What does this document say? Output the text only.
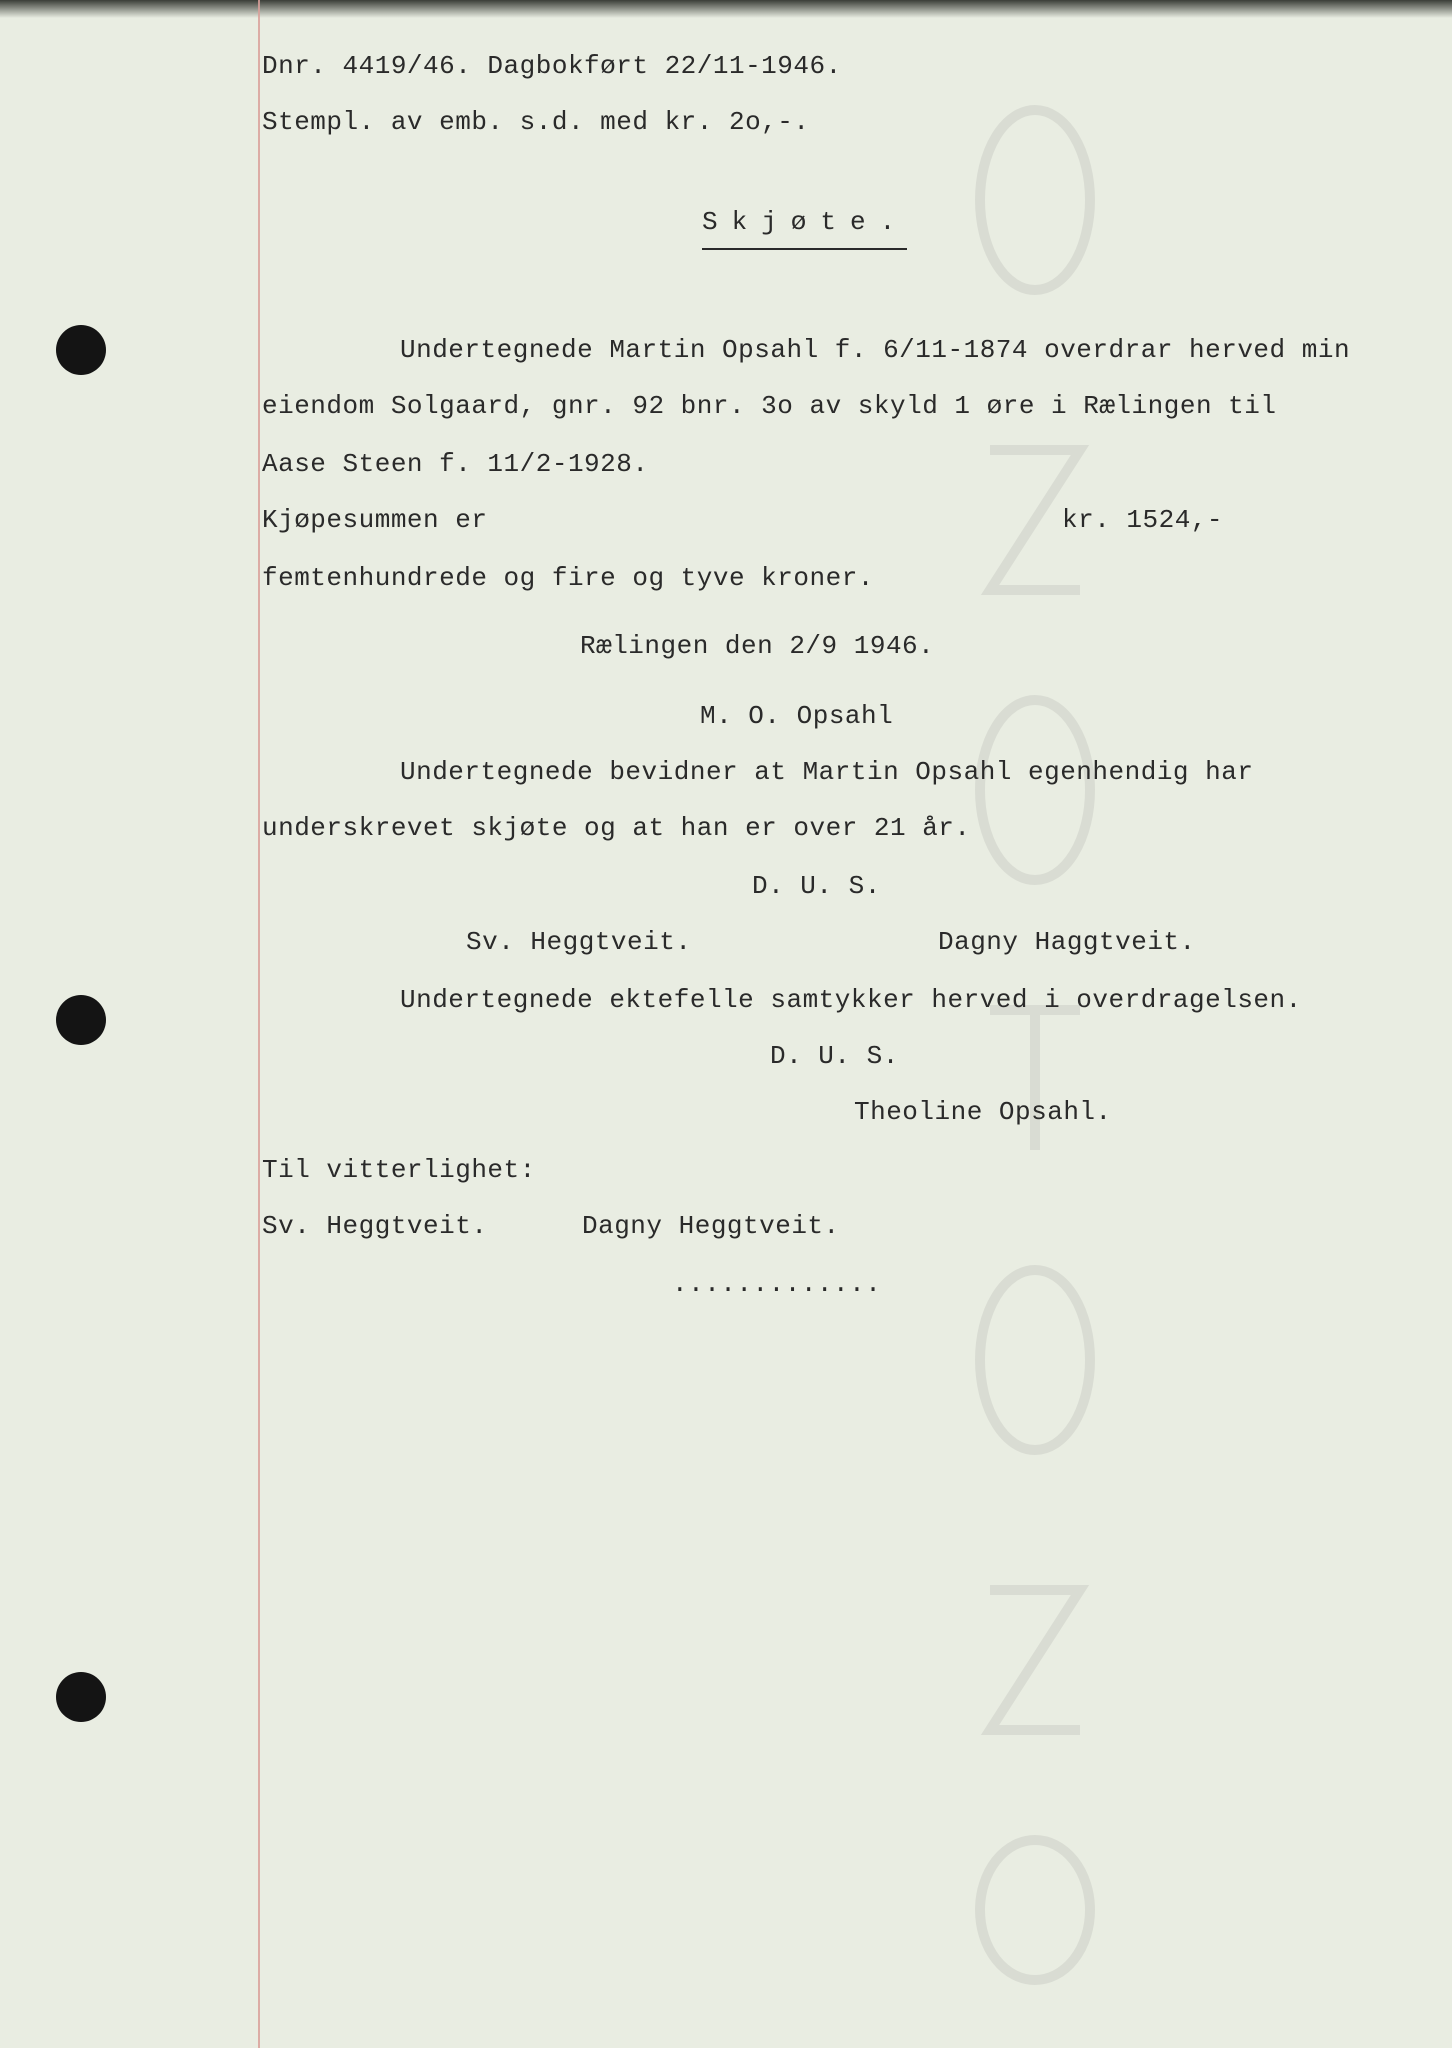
Dnr. 4419/46. Dagbokført 22/11-1946.
Stempl. av emb. s.d. med kr. 2o,-.
Skjøte.
Undertegnede Martin Opsahl f. 6/11-1874 overdrar herved min
eiendom Solgaard, gnr. 92 bnr. 3o av skyld 1 øre i Rælingen til
Aase Steen f. 11/2-1928.
Kjøpesummen er	kr. 1524,-
femtenhundrede og fire og tyve kroner.
Rælingen den 2/9 1946.
M. O. Opsahl
Undertegnede bevidner at Martin Opsahl egenhendig har
underskrevet skjøte og at han er over 21 år.
D. U. S.
Sv. Heggtveit.	Dagny Haggtveit.
Undertegnede ektefelle samtykker herved i overdragelsen.
D. U. S.
Theoline Opsahl.
Til vitterlighet:
Sv. Heggtveit.	Dagny Heggtveit.
.............
